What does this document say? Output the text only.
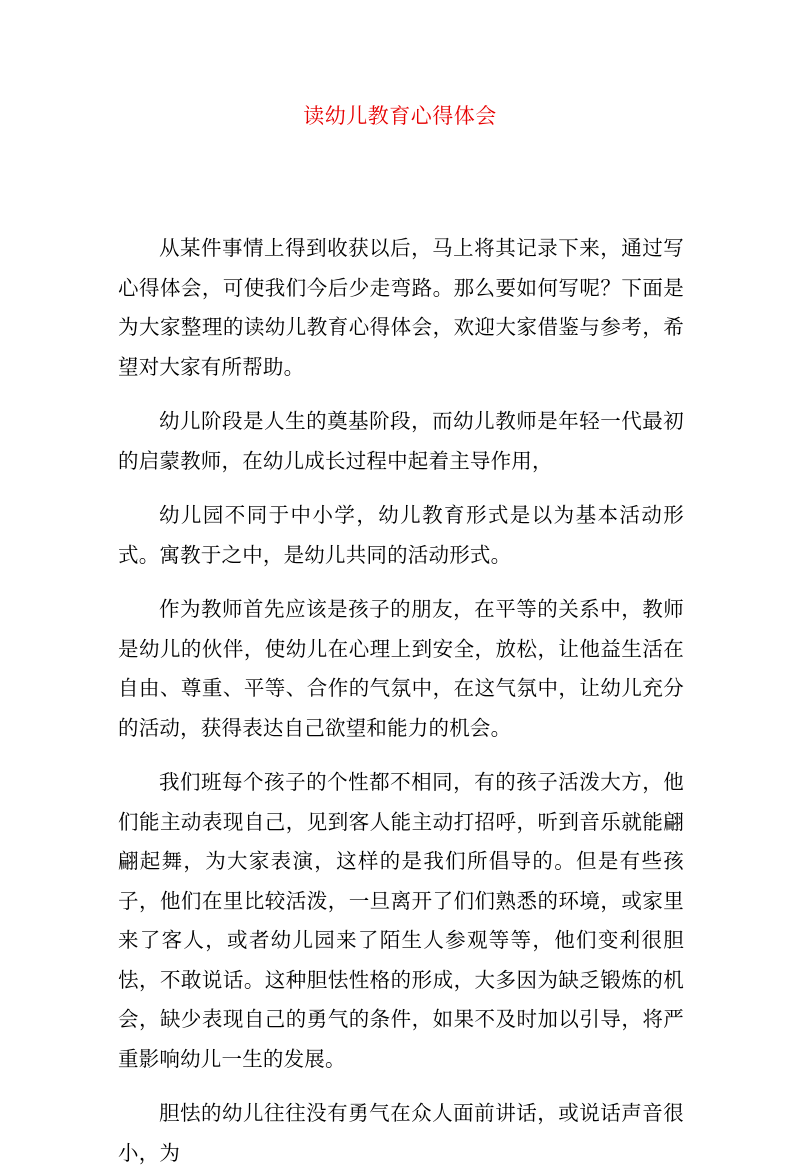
读幼儿教育心得体会

从某件事情上得到收获以后，马上将其记录下来，通过写心得体会，可使我们今后少走弯路。那么要如何写呢？下面是为大家整理的读幼儿教育心得体会，欢迎大家借鉴与参考，希望对大家有所帮助。

幼儿阶段是人生的奠基阶段，而幼儿教师是年轻一代最初的启蒙教师，在幼儿成长过程中起着主导作用，

幼儿园不同于中小学，幼儿教育形式是以为基本活动形式。寓教于之中，是幼儿共同的活动形式。

作为教师首先应该是孩子的朋友，在平等的关系中，教师是幼儿的伙伴，使幼儿在心理上到安全，放松，让他益生活在自由、尊重、平等、合作的气氛中，在这气氛中，让幼儿充分的活动，获得表达自己欲望和能力的机会。

我们班每个孩子的个性都不相同，有的孩子活泼大方，他们能主动表现自己，见到客人能主动打招呼，听到音乐就能翩翩起舞，为大家表演，这样的是我们所倡导的。但是有些孩子，他们在里比较活泼，一旦离开了们们熟悉的环境，或家里来了客人，或者幼儿园来了陌生人参观等等，他们变利很胆怯，不敢说话。这种胆怯性格的形成，大多因为缺乏锻炼的机会，缺少表现自己的勇气的条件，如果不及时加以引导，将严重影响幼儿一生的发展。

胆怯的幼儿往往没有勇气在众人面前讲话，或说话声音很小，为
